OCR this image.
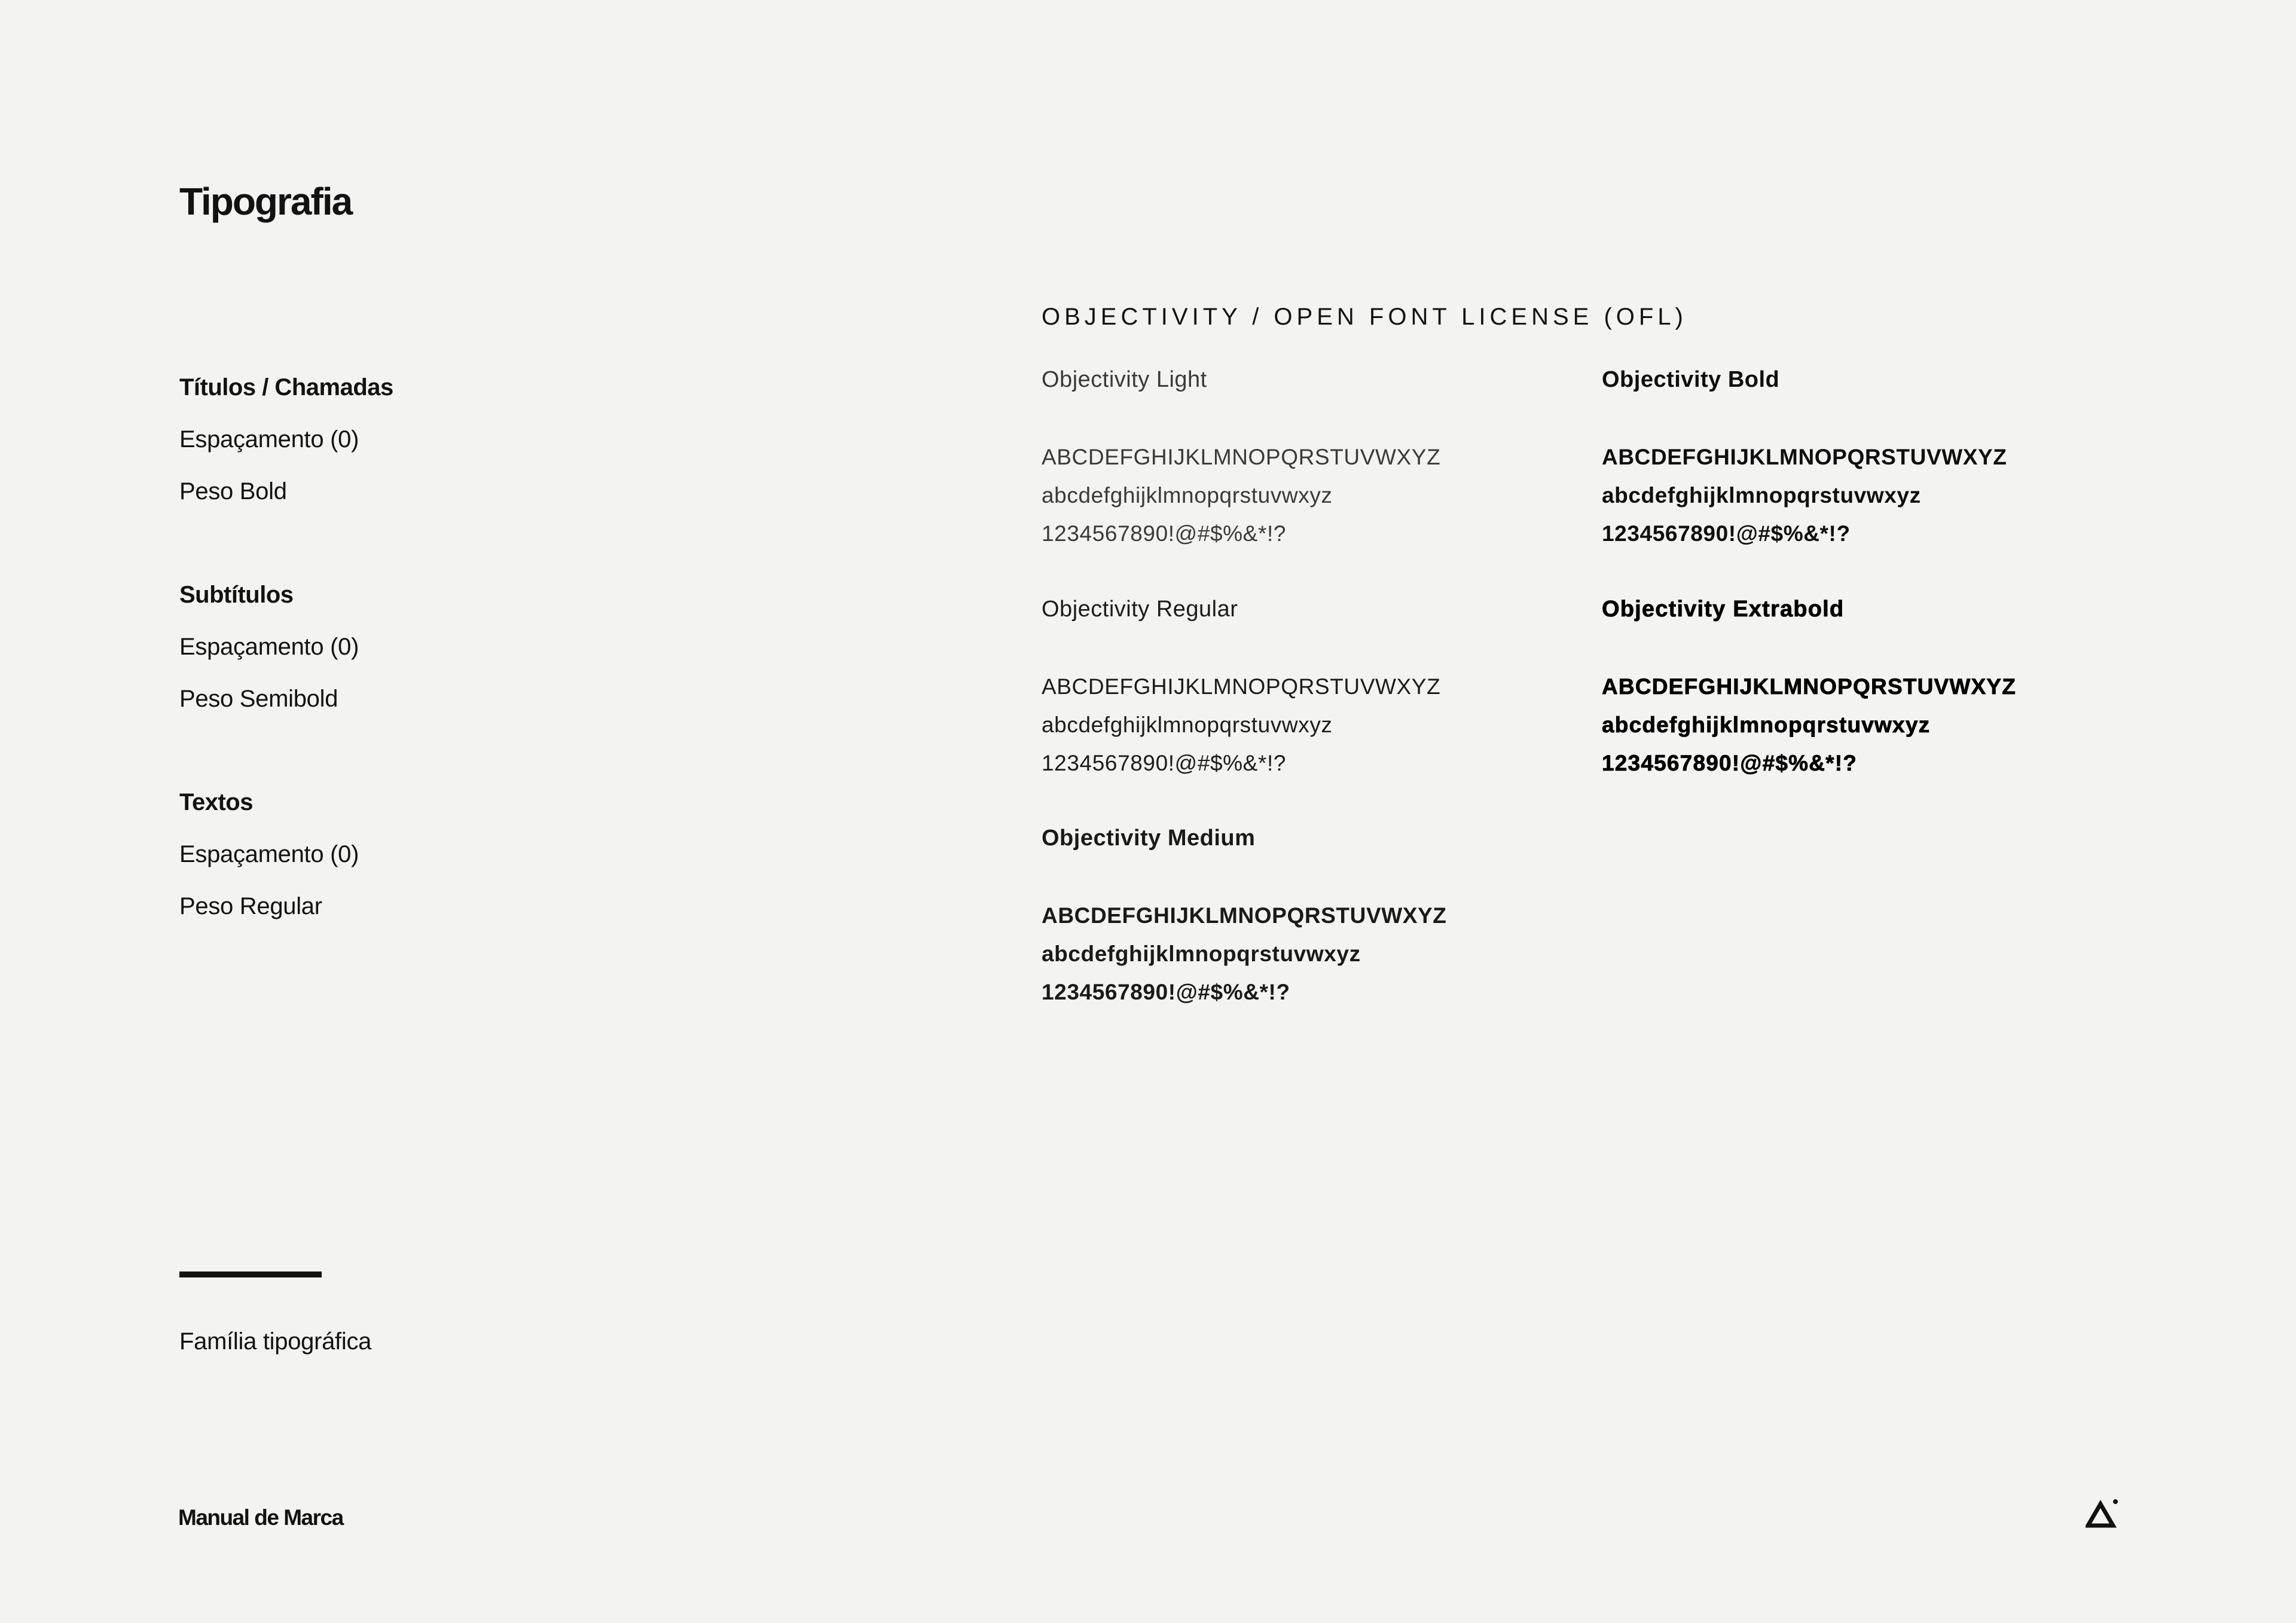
Tipografia
Títulos / Chamadas
Espaçamento (0)
Peso Bold
Subtítulos
Espaçamento (0)
Peso Semibold
Textos
Espaçamento (0)
Peso Regular
OBJECTIVITY / OPEN FONT LICENSE (OFL)
Objectivity Light
ABCDEFGHIJKLMNOPQRSTUVWXYZ
abcdefghijklmnopqrstuvwxyz
1234567890!@#$%&*!?
Objectivity Regular
ABCDEFGHIJKLMNOPQRSTUVWXYZ
abcdefghijklmnopqrstuvwxyz
1234567890!@#$%&*!?
Objectivity Medium
ABCDEFGHIJKLMNOPQRSTUVWXYZ
abcdefghijklmnopqrstuvwxyz
1234567890!@#$%&*!?
Objectivity Bold
ABCDEFGHIJKLMNOPQRSTUVWXYZ
abcdefghijklmnopqrstuvwxyz
1234567890!@#$%&*!?
Objectivity Extrabold
ABCDEFGHIJKLMNOPQRSTUVWXYZ
abcdefghijklmnopqrstuvwxyz
1234567890!@#$%&*!?
Família tipográfica
Manual de Marca
